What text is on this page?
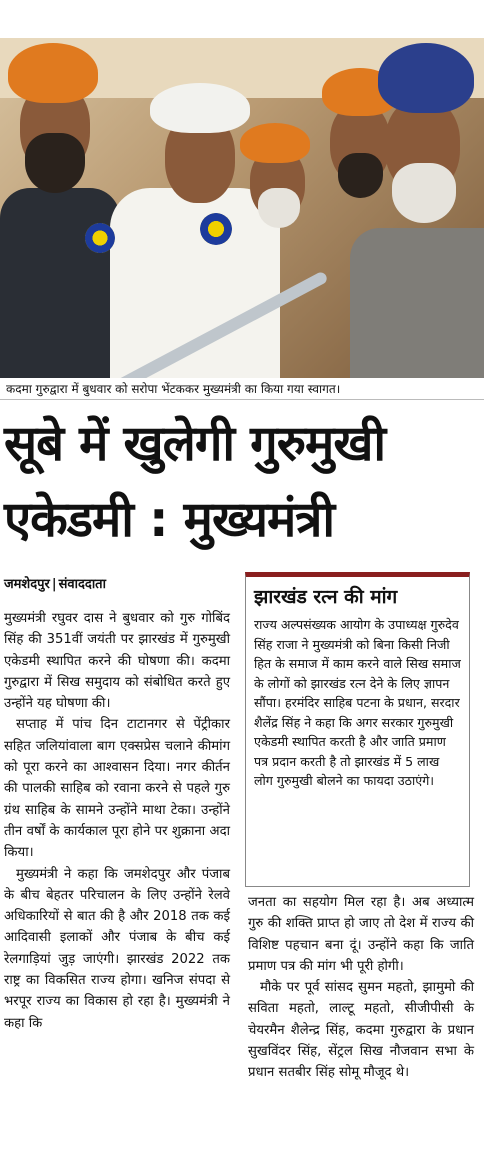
कदमा गुरुद्वारा में बुधवार को सरोपा भेंटककर मुख्यमंत्री का किया गया स्वागत।
सूबे में खुलेगी गुरुमुखी
एकेडमी : मुख्यमंत्री
जमशेदपुर | संवाददाता

मुख्यमंत्री रघुवर दास ने बुधवार को गुरु गोबिंद सिंह की 351वीं जयंती पर झारखंड में गुरुमुखी एकेडमी स्थापित करने की घोषणा की। कदमा गुरुद्वारा में सिख समुदाय को संबोधित करते हुए उन्होंने यह घोषणा की।

सप्ताह में पांच दिन टाटानगर से पेंट्रीकार सहित जलियांवाला बाग एक्सप्रेस चलाने कीमांग को पूरा करने का आश्वासन दिया। नगर कीर्तन की पालकी साहिब को रवाना करने से पहले गुरु ग्रंथ साहिब के सामने उन्होंने माथा टेका। उन्होंने तीन वर्षों के कार्यकाल पूरा होने पर शुक्राना अदा किया।

मुख्यमंत्री ने कहा कि जमशेदपुर और पंजाब के बीच बेहतर परिचालन के लिए उन्होंने रेलवे अधिकारियों से बात की है और 2018 तक कई आदिवासी इलाकों और पंजाब के बीच कई रेलगाड़ियां जुड़ जाएंगी। झारखंड 2022 तक राष्ट्र का विकसित राज्य होगा। खनिज संपदा से भरपूर राज्य का विकास हो रहा है। मुख्यमंत्री ने कहा कि

झारखंड रत्न की मांग
राज्य अल्पसंख्यक आयोग के उपाध्यक्ष गुरुदेव सिंह राजा ने मुख्यमंत्री को बिना किसी निजी हित के समाज में काम करने वाले सिख समाज के लोगों को झारखंड रत्न देने के लिए ज्ञापन सौंपा। हरमंदिर साहिब पटना के प्रधान, सरदार शैलेंद्र सिंह ने कहा कि अगर सरकार गुरुमुखी एकेडमी स्थापित करती है और जाति प्रमाण पत्र प्रदान करती है तो झारखंड में 5 लाख लोग गुरुमुखी बोलने का फायदा उठाएंगे।

जनता का सहयोग मिल रहा है। अब अध्यात्म गुरु की शक्ति प्राप्त हो जाए तो देश में राज्य की विशिष्ट पहचान बना दूं। उन्होंने कहा कि जाति प्रमाण पत्र की मांग भी पूरी होगी।

मौके पर पूर्व सांसद सुमन महतो, झामुमो की सविता महतो, लाल्टू महतो, सीजीपीसी के चेयरमैन शैलेन्द्र सिंह, कदमा गुरुद्वारा के प्रधान सुखविंदर सिंह, सेंट्रल सिख नौजवान सभा के प्रधान सतबीर सिंह सोमू मौजूद थे।
